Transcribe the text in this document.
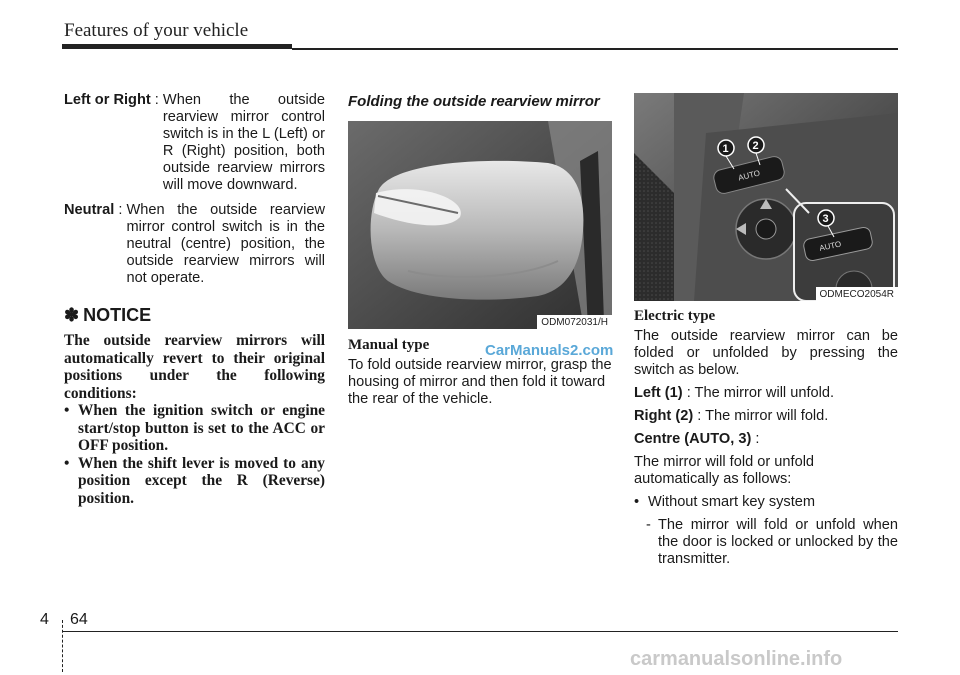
Features of your vehicle
Left or Right : When the outside rearview mirror control switch is in the L (Left) or R (Right) position, both outside rearview mirrors will move downward.
Neutral : When the outside rearview mirror control switch is in the neutral (centre) position, the outside rearview mirrors will not operate.
✽ NOTICE
The outside rearview mirrors will automatically revert to their original positions under the following conditions:
• When the ignition switch or engine start/stop button is set to the ACC or OFF position.
• When the shift lever is moved to any position except the R (Reverse) position.
Folding the outside rearview mirror
ODM072031/H
Manual type

To fold outside rearview mirror, grasp the housing of mirror and then fold it toward the rear of the vehicle.

AUTO
AUTO
1 2
3
ODMECO2054R
Electric type

The outside rearview mirror can be folded or unfolded by pressing the switch as below.

Left (1) : The mirror will unfold.

Right (2) : The mirror will fold.

Centre (AUTO, 3) :

The mirror will fold or unfold automatically as follows:

• Without smart key system
- The mirror will fold or unfold when the door is locked or unlocked by the transmitter.
CarManuals2.com
carmanualsonline.info
4 64
